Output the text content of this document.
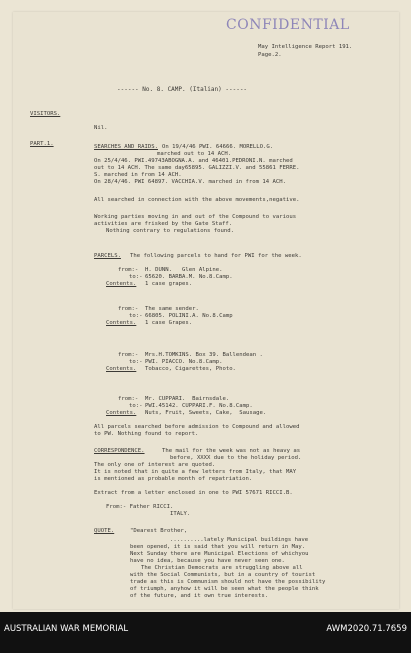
CONFIDENTIAL
May Intelligence Report 191.
Page.2.
------ No. 8. CAMP. (Italian) ------
VISITORS.
Nil.
PART.1.	SEARCHES AND RAIDS. On 19/4/46 PWI. 64666. MORELLO.G.
marched out to 14 ACH.
On 25/4/46. PWI.49743ABOGNA.A. and 46401.PEDRONI.N. marched
out to 14 ACH. The same day65895. GALIZZI.V. and 55861 FERRE.
S. marched in from 14 ACH.
On 28/4/46. PWI 64897. VACCHIA.V. marched in from 14 ACH.
All searched in connection with the above movements,negative.
Working parties moving in and out of the Compound to various
activities are frisked by the Gate Staff.
Nothing contrary to regulations found.
PARCELS. The following parcels to hand for PWI for the week.
from:- H. DUNN.   Glen Alpine.
to:- 65620. BARBA.M. No.8.Camp.
Contents. 1 case grapes.
from:- The same sender.
to:- 66805. POLINI.A. No.8.Camp
Contents. 1 case Grapes.
from:- Mrs.H.TOMKINS. Box 39. Ballendean .
to:- PWI. PIACCO. No.8.Camp.
Contents. Tobacco, Cigarettes, Photo.
from:- Mr. CUPPARI.  Bairnsdale.
to:- PWI.45142. CUPPARI.F. No.8.Camp.
Contents. Nuts, Fruit, Sweets, Cake,  Sausage.
All parcels searched before admission to Compound and allowed
to PW. Nothing found to report.
CORRESPONDENCE.	The mail for the week was not as heavy as
before, XXXX due to the holiday period.
The only one of interest are quoted.
It is noted that in quite a few letters from Italy, that MAY
is mentioned as probable month of repatriation.
Extract from a letter enclosed in one to PWI 57671 RICCI.B.
From:- Father RICCI.
ITALY.
QUOTE.	"Dearest Brother,
..........lately Municipal buildings have
been opened, it is said that you will return in May.
Next Sunday there are Municipal Elections of whichyou
have no idea, because you have never seen one.
The Christian Democrats are struggling above all
with the Social Communists, but in a country of tourist
trade as this is Communism should not have the possibility
of triumph, anyhow it will be seen what the people think
of the future, and it own true interests.
AUSTRALIAN WAR MEMORIAL	AWM2020.71.7659
